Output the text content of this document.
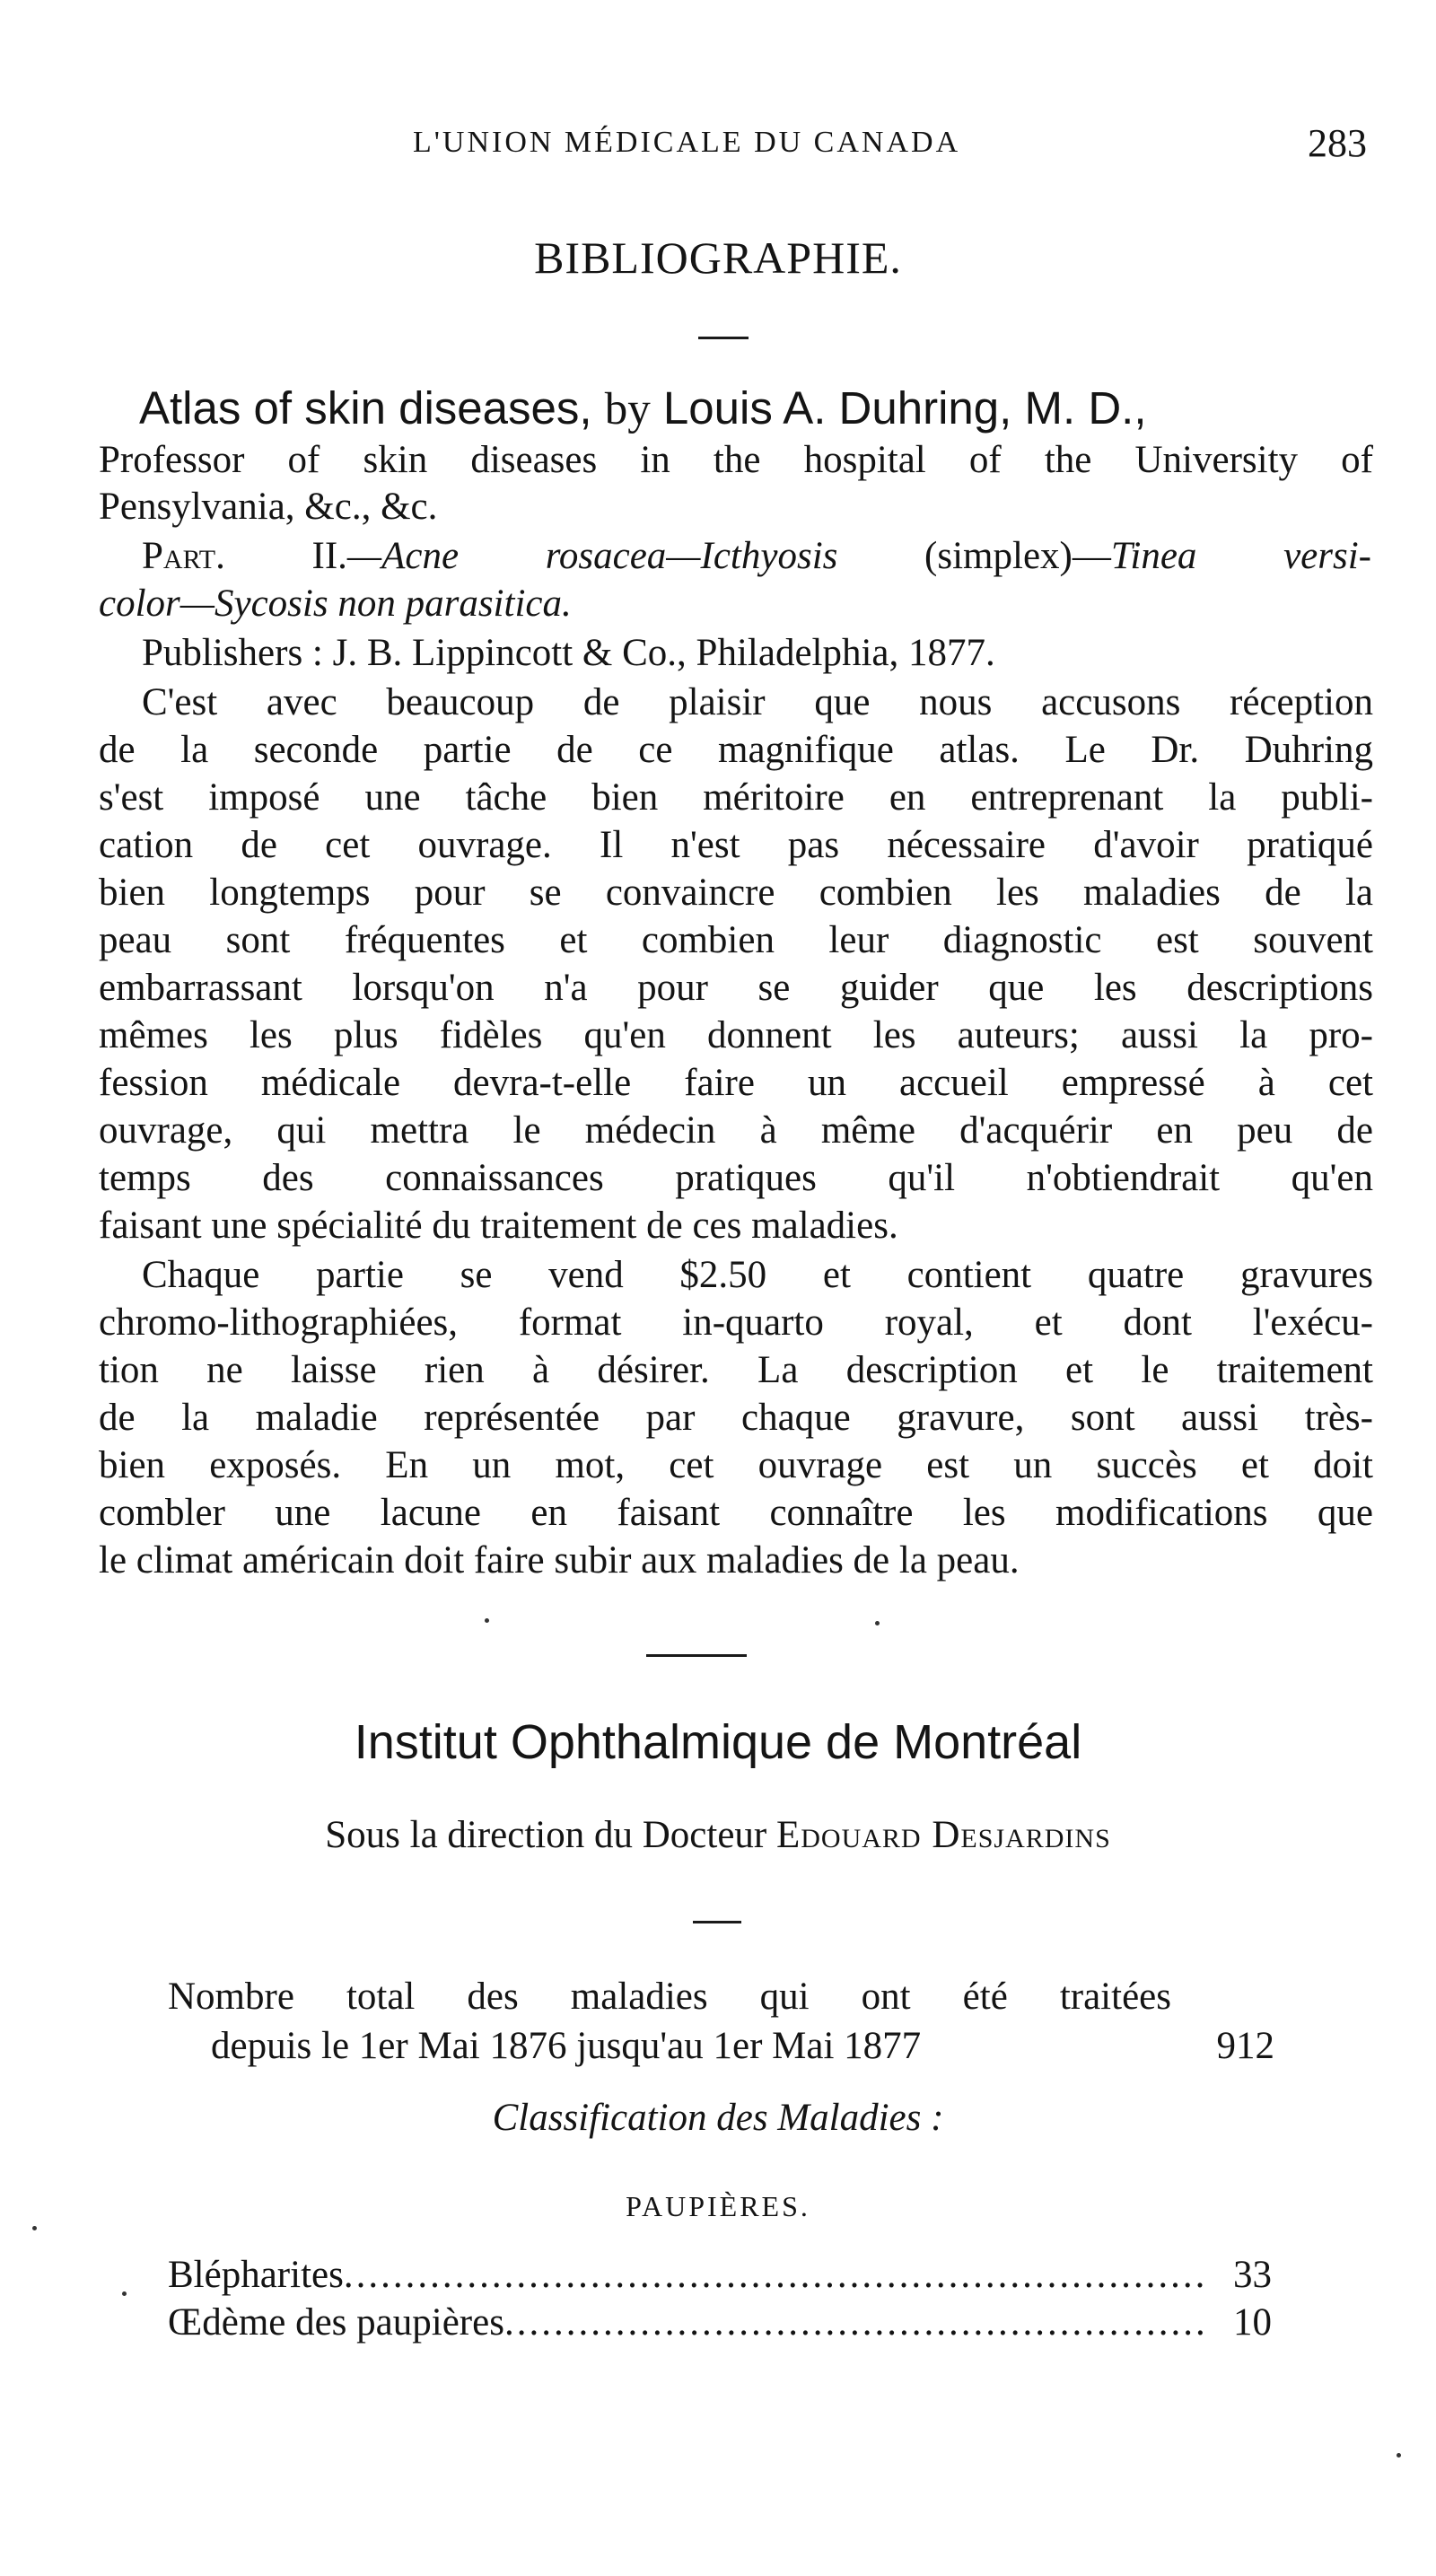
L'UNION MÉDICALE DU CANADA	283
BIBLIOGRAPHIE.
Atlas of skin diseases, by Louis A. Duhring, M. D.,
Professor of skin diseases in the hospital of the University of
Pensylvania, &c., &c.
Part. II.—Acne rosacea—Icthyosis (simplex)—Tinea versi-
color—Sycosis non parasitica.
Publishers : J. B. Lippincott & Co., Philadelphia, 1877.
C'est avec beaucoup de plaisir que nous accusons réception
de la seconde partie de ce magnifique atlas. Le Dr. Duhring
s'est imposé une tâche bien méritoire en entreprenant la publi-
cation de cet ouvrage. Il n'est pas nécessaire d'avoir pratiqué
bien longtemps pour se convaincre combien les maladies de la
peau sont fréquentes et combien leur diagnostic est souvent
embarrassant lorsqu'on n'a pour se guider que les descriptions
mêmes les plus fidèles qu'en donnent les auteurs; aussi la pro-
fession médicale devra-t-elle faire un accueil empressé à cet
ouvrage, qui mettra le médecin à même d'acquérir en peu de
temps des connaissances pratiques qu'il n'obtiendrait qu'en
faisant une spécialité du traitement de ces maladies.
Chaque partie se vend $2.50 et contient quatre gravures
chromo-lithographiées, format in-quarto royal, et dont l'exécu-
tion ne laisse rien à désirer. La description et le traitement
de la maladie représentée par chaque gravure, sont aussi très-
bien exposés. En un mot, cet ouvrage est un succès et doit
combler une lacune en faisant connaître les modifications que
le climat américain doit faire subir aux maladies de la peau.
Institut Ophthalmique de Montréal
Sous la direction du Docteur Edouard Desjardins
Nombre total des maladies qui ont été traitées
depuis le 1er Mai 1876 jusqu'au 1er Mai 1877	912
Classification des Maladies :
PAUPIÈRES.
Blépharites .....	33
Œdème des paupières .....	10
